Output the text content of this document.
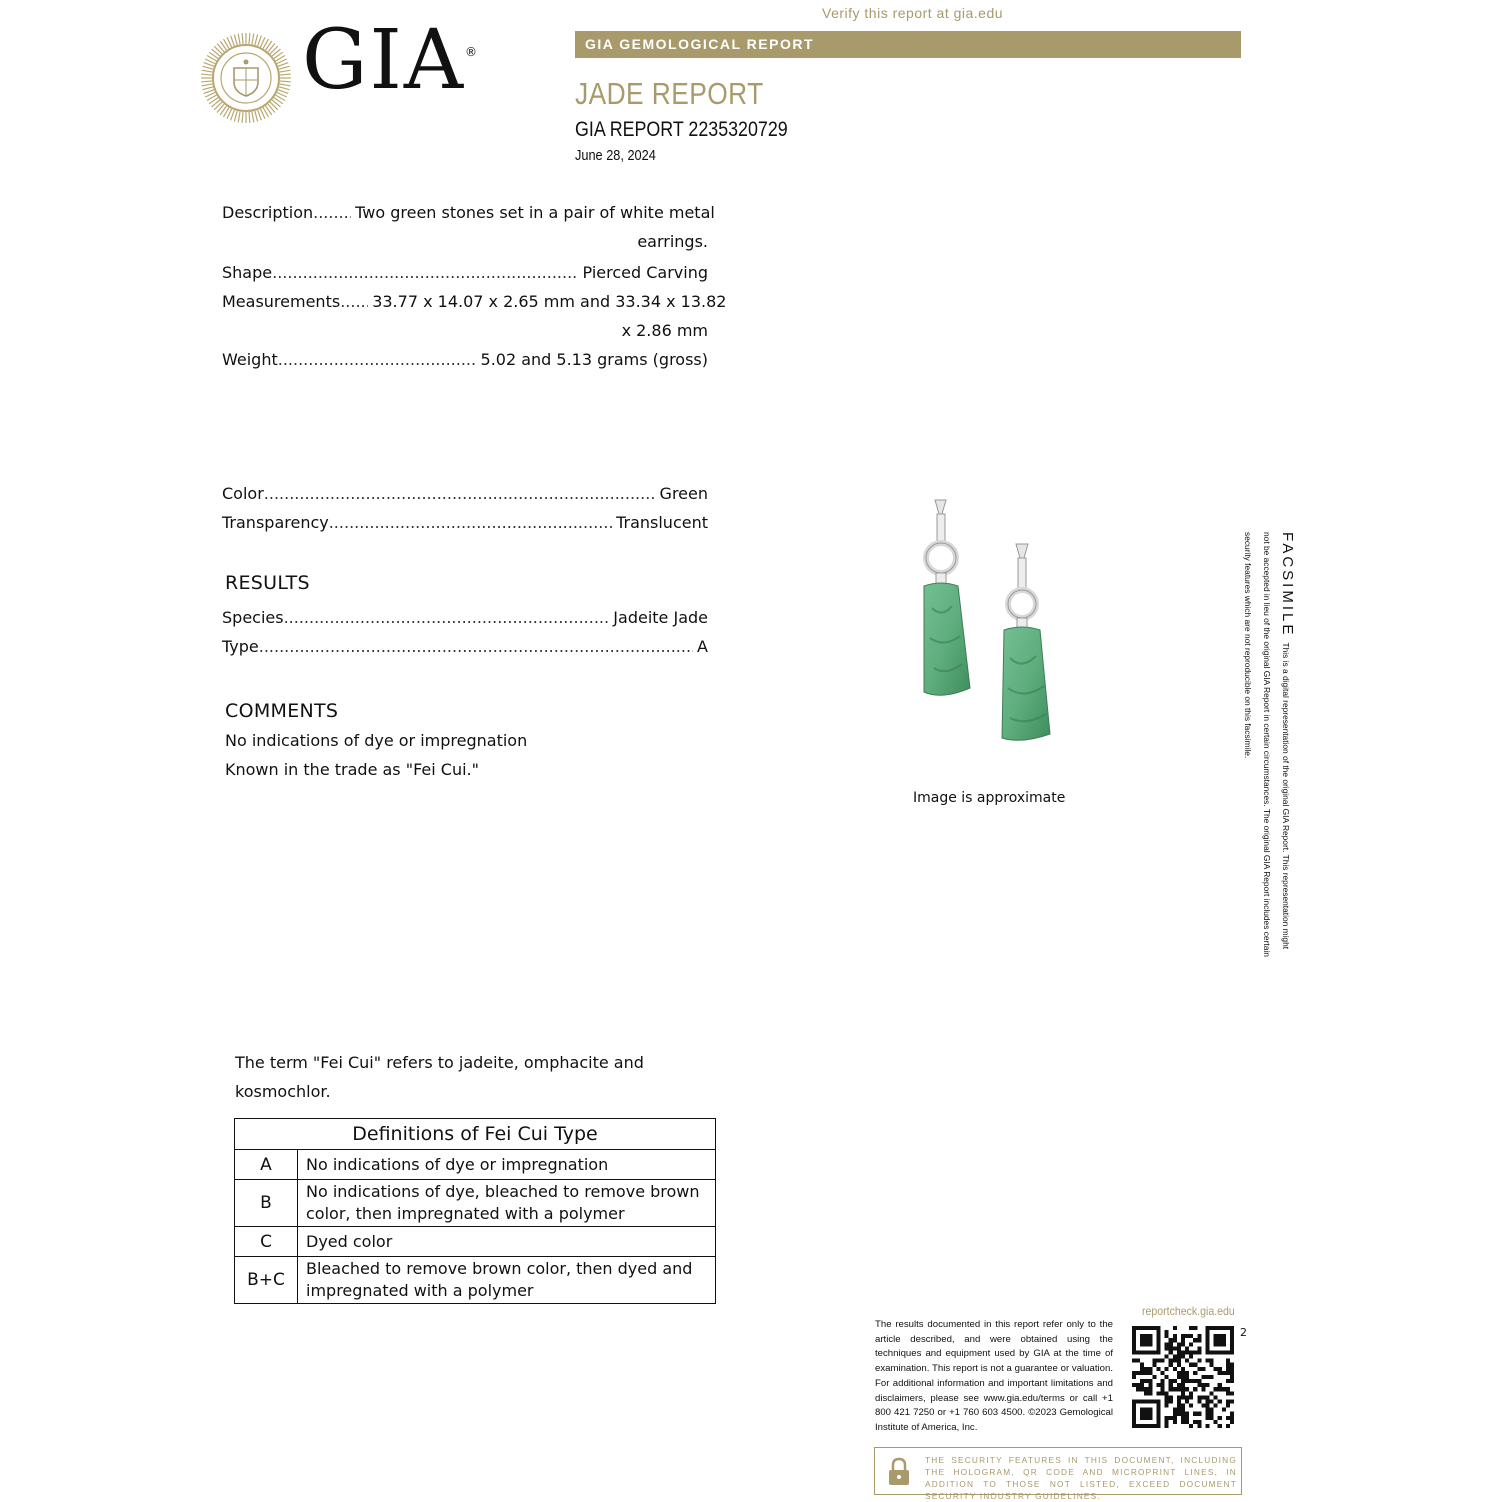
Verify this report at gia.edu
GIA ®	GIA GEMOLOGICAL REPORT
JADE REPORT
GIA REPORT 2235320729
June 28, 2024
Description .....	Two green stones set in a pair of white metal
earrings.
Shape .....	Pierced Carving
Measurements ..... 33.77 x 14.07 x 2.65 mm and 33.34 x 13.82
x 2.86 mm
Weight .....	5.02 and 5.13 grams (gross)
Color .....	Green
Transparency .....	Translucent
RESULTS
Species .....	Jadeite Jade
Type .....	A
COMMENTS
No indications of dye or impregnation
Known in the trade as "Fei Cui."
Image is approximate
FACSIMILE This is a digital representation of the original GIA Report. This representation might not be accepted in lieu of the original GIA Report in certain circumstances. The original GIA Report includes certain security features which are not reproducible on this facsimile.
The term "Fei Cui" refers to jadeite, omphacite and kosmochlor.
Definitions of Fei Cui Type	
A	No indications of dye or impregnation
B	No indications of dye, bleached to remove brown color, then impregnated with a polymer
C	Dyed color
B+C	Bleached to remove brown color, then dyed and impregnated with a polymer
The results documented in this report refer only to the article described, and were obtained using the techniques and equipment used by GIA at the time of examination. This report is not a guarantee or valuation. For additional information and important limitations and disclaimers, please see www.gia.edu/terms or call +1 800 421 7250 or +1 760 603 4500. ©2023 Gemological Institute of America, Inc.
reportcheck.gia.edu
2
THE SECURITY FEATURES IN THIS DOCUMENT, INCLUDING THE HOLOGRAM, QR CODE AND MICROPRINT LINES, IN ADDITION TO THOSE NOT LISTED, EXCEED DOCUMENT SECURITY INDUSTRY GUIDELINES.
